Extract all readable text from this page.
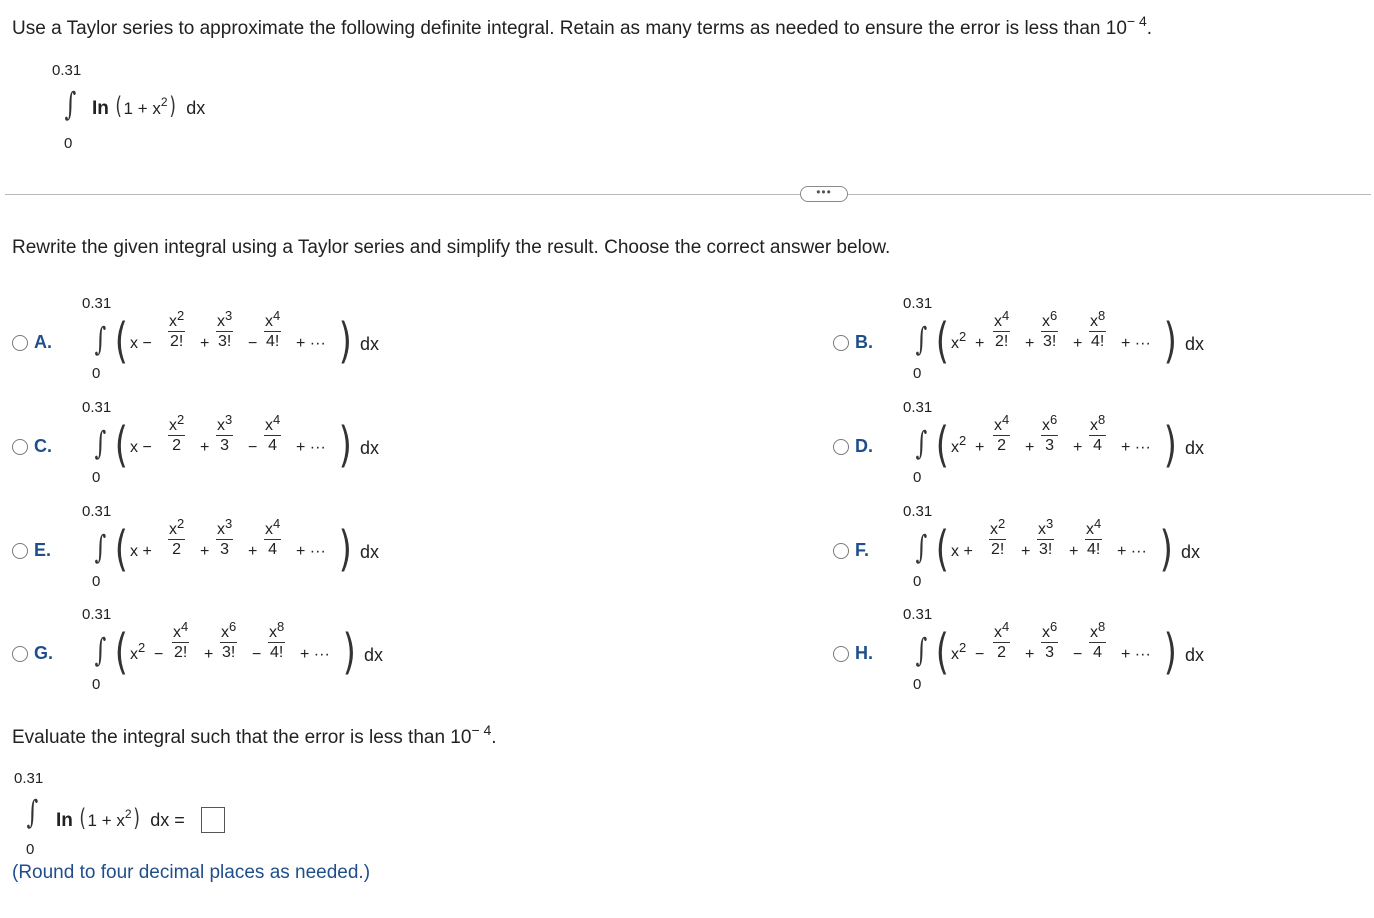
Use a Taylor series to approximate the following definite integral. Retain as many terms as needed to ensure the error is less than $10^{- 4}$.
0.31
∫
0
In $(1 + x^2)$ dx
•••
Rewrite the given integral using a Taylor series and simplify the result. Choose the correct answer below.
A.
0.31
∫
0
( x −
$x^2$
2! +
$x^3$
3! −
$x^4$
4! + ··· ) dx	B.
0.31
∫
0
( $x^2$ +
$x^4$
2! +
$x^6$
3! +
$x^8$
4! + ··· ) dx
C.
0.31
∫
0
( x −
$x^2$
2 +
$x^3$
3 −
$x^4$
4 + ··· ) dx	D.
0.31
∫
0
( $x^2$ +
$x^4$
2 +
$x^6$
3 +
$x^8$
4 + ··· ) dx
E.
0.31
∫
0
( x +
$x^2$
2 +
$x^3$
3 +
$x^4$
4 + ··· ) dx	F.
0.31
∫
0
( x +
$x^2$
2! +
$x^3$
3! +
$x^4$
4! + ··· ) dx
G.
0.31
∫
0
( $x^2$ −
$x^4$
2! +
$x^6$
3! −
$x^8$
4! + ··· ) dx	H.
0.31
∫
0
( $x^2$ −
$x^4$
2 +
$x^6$
3 −
$x^8$
4 + ··· ) dx
Evaluate the integral such that the error is less than $10^{- 4}$.
0.31
∫
0
In $(1 + x^2)$ dx =
(Round to four decimal places as needed.)
